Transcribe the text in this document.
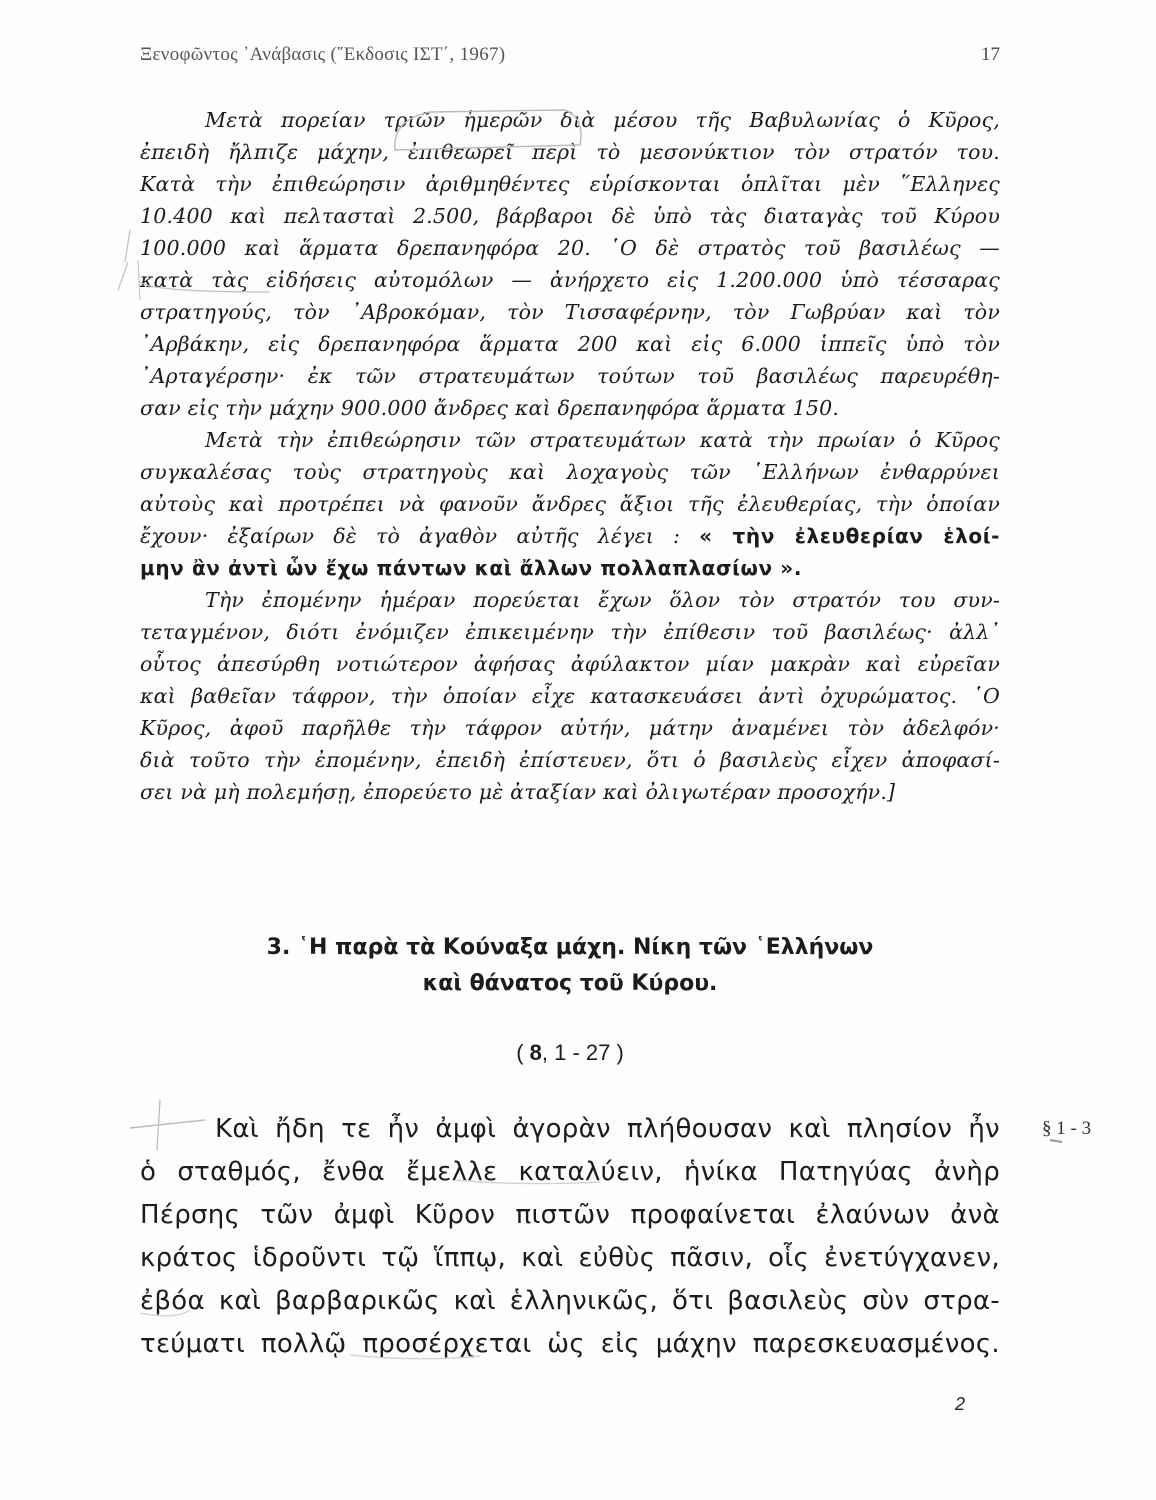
Ξενοφῶντος ᾿Ανάβασις (῞Εκδοσις ΙΣΤ΄, 1967)	17
Μετὰ πορείαν τριῶν ἡμερῶν διὰ μέσου τῆς Βαβυλωνίας ὁ Κῦρος,
ἐπειδὴ ἤλπιζε μάχην, ἐπιθεωρεῖ περὶ τὸ μεσονύκτιον τὸν στρατόν του.
Κατὰ τὴν ἐπιθεώρησιν ἀριθμηθέντες εὑρίσκονται ὁπλῖται μὲν ῞Ελληνες
10.400 καὶ πελτασταὶ 2.500, βάρβαροι δὲ ὑπὸ τὰς διαταγὰς τοῦ Κύρου
100.000 καὶ ἅρματα δρεπανηφόρα 20. ῾Ο δὲ στρατὸς τοῦ βασιλέως —
κατὰ τὰς εἰδήσεις αὐτομόλων — ἀνήρχετο εἰς 1.200.000 ὑπὸ τέσσαρας
στρατηγούς, τὸν ᾿Αβροκόμαν, τὸν Τισσαφέρνην, τὸν Γωβρύαν καὶ τὸν
᾿Αρβάκην, εἰς δρεπανηφόρα ἅρματα 200 καὶ εἰς 6.000 ἱππεῖς ὑπὸ τὸν
᾿Αρταγέρσην· ἐκ τῶν στρατευμάτων τούτων τοῦ βασιλέως παρευρέθη-
σαν εἰς τὴν μάχην 900.000 ἄνδρες καὶ δρεπανηφόρα ἅρματα 150.
Μετὰ τὴν ἐπιθεώρησιν τῶν στρατευμάτων κατὰ τὴν πρωίαν ὁ Κῦρος
συγκαλέσας τοὺς στρατηγοὺς καὶ λοχαγοὺς τῶν ῾Ελλήνων ἐνθαρρύνει
αὐτοὺς καὶ προτρέπει νὰ φανοῦν ἄνδρες ἄξιοι τῆς ἐλευθερίας, τὴν ὁποίαν
ἔχουν· ἐξαίρων δὲ τὸ ἀγαθὸν αὐτῆς λέγει : « τὴν ἐλευθερίαν ἑλοί-
μην ἂν ἀντὶ ὧν ἔχω πάντων καὶ ἄλλων πολλαπλασίων ».
Τὴν ἐπομένην ἡμέραν πορεύεται ἔχων ὅλον τὸν στρατόν του συν-
τεταγμένον, διότι ἐνόμιζεν ἐπικειμένην τὴν ἐπίθεσιν τοῦ βασιλέως· ἀλλ᾿
οὗτος ἀπεσύρθη νοτιώτερον ἀφήσας ἀφύλακτον μίαν μακρὰν καὶ εὐρεῖαν
καὶ βαθεῖαν τάφρον, τὴν ὁποίαν εἶχε κατασκευάσει ἀντὶ ὀχυρώματος. ῾Ο
Κῦρος, ἀφοῦ παρῆλθε τὴν τάφρον αὐτήν, μάτην ἀναμένει τὸν ἀδελφόν·
διὰ τοῦτο τὴν ἐπομένην, ἐπειδὴ ἐπίστευεν, ὅτι ὁ βασιλεὺς εἶχεν ἀποφασί-
σει νὰ μὴ πολεμήσῃ, ἐπορεύετο μὲ ἀταξίαν καὶ ὀλιγωτέραν προσοχήν.]
3. ῾Η παρὰ τὰ Κούναξα μάχη. Νίκη τῶν ῾Ελλήνων
καὶ θάνατος τοῦ Κύρου.
( 8, 1 - 27 )
Καὶ ἤδη τε ἦν ἀμφὶ ἀγορὰν πλήθουσαν καὶ πλησίον ἦν
ὁ σταθμός, ἔνθα ἔμελλε καταλύειν, ἡνίκα Πατηγύας ἀνὴρ
Πέρσης τῶν ἀμφὶ Κῦρον πιστῶν προφαίνεται ἐλαύνων ἀνὰ
κράτος ἱδροῦντι τῷ ἵππῳ, καὶ εὐθὺς πᾶσιν, οἷς ἐνετύγχανεν,
ἐβόα καὶ βαρβαρικῶς καὶ ἑλληνικῶς, ὅτι βασιλεὺς σὺν στρα-
τεύματι πολλῷ προσέρχεται ὡς εἰς μάχην παρεσκευασμένος.
§ 1 - 3
2
